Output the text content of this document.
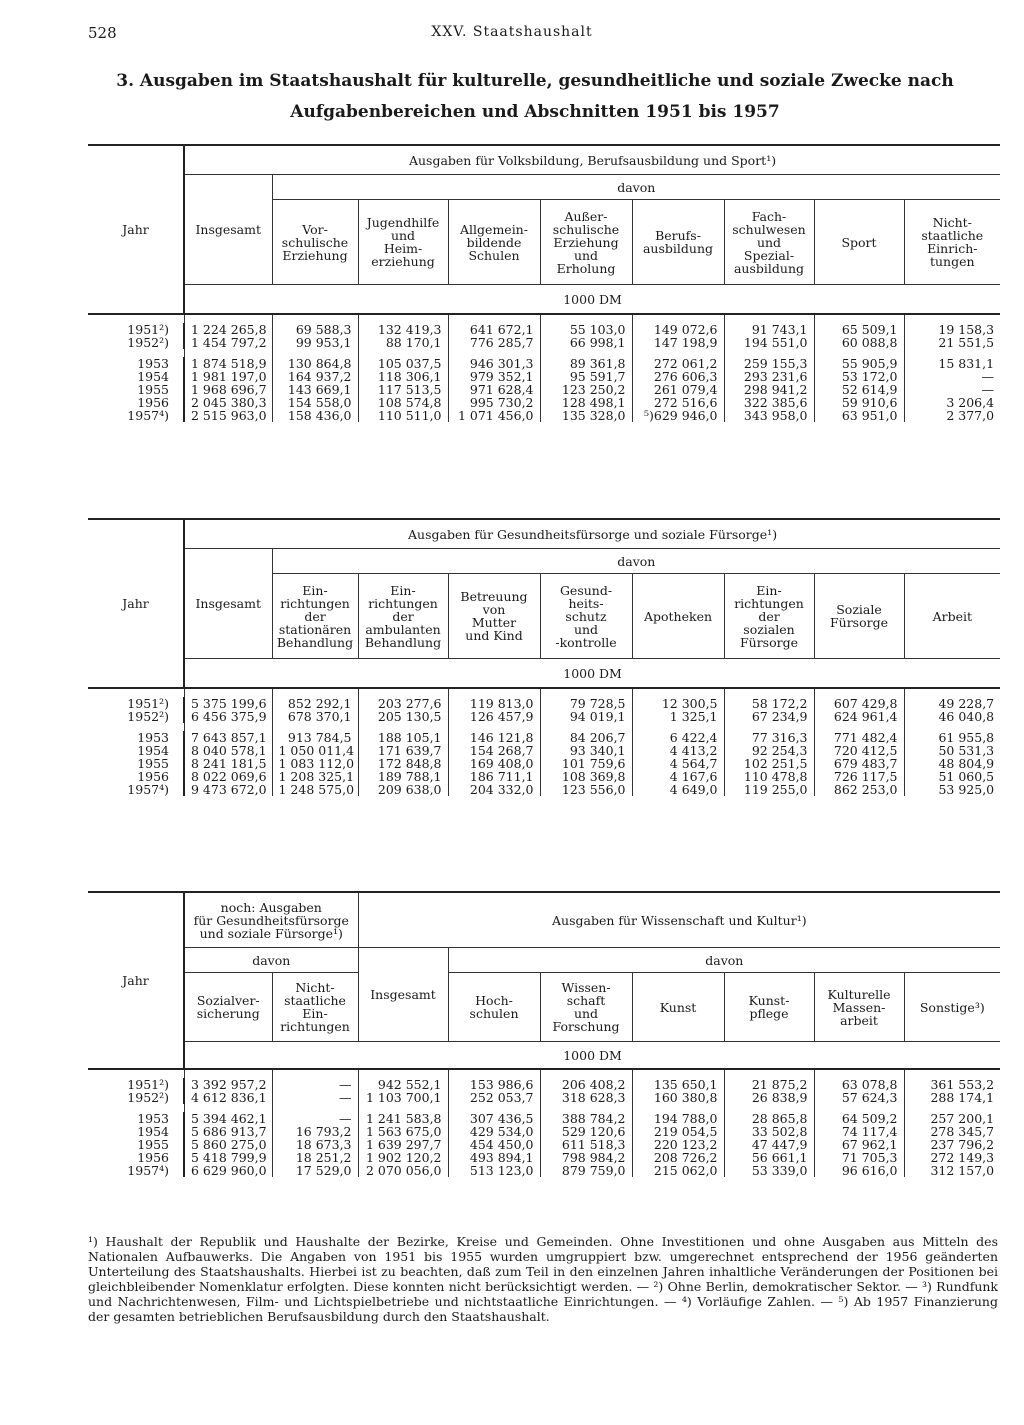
528	XXV. Staatshaushalt
3. Ausgaben im Staatshaushalt für kulturelle, gesundheitliche und soziale Zwecke nach
Aufgabenbereichen und Abschnitten 1951 bis 1957
Jahr	Ausgaben für Volksbildung, Berufsausbildung und Sport¹)								
	Insgesamt	davon							
		Vor-
schulische
Erziehung	Jugendhilfe
und
Heim-
erziehung	Allgemein-
bildende
Schulen	Außer-
schulische
Erziehung
und
Erholung	Berufs-
ausbildung	Fach-
schulwesen
und
Spezial-
ausbildung	Sport	Nicht-
staatliche
Einrich-
tungen
	1000 DM								

1951²)	1 224 265,8	69 588,3	132 419,3	641 672,1	55 103,0	149 072,6	91 743,1	65 509,1	19 158,3
1952²)	1 454 797,2	99 953,1	88 170,1	776 285,7	66 998,1	147 198,9	194 551,0	60 088,8	21 551,5

1953	1 874 518,9	130 864,8	105 037,5	946 301,3	89 361,8	272 061,2	259 155,3	55 905,9	15 831,1
1954	1 981 197,0	164 937,2	118 306,1	979 352,1	95 591,7	276 606,3	293 231,6	53 172,0	—
1955	1 968 696,7	143 669,1	117 513,5	971 628,4	123 250,2	261 079,4	298 941,2	52 614,9	—
1956	2 045 380,3	154 558,0	108 574,8	995 730,2	128 498,1	272 516,6	322 385,6	59 910,6	3 206,4
1957⁴)	2 515 963,0	158 436,0	110 511,0	1 071 456,0	135 328,0	⁵)629 946,0	343 958,0	63 951,0	2 377,0
Jahr	Ausgaben für Gesundheitsfürsorge und soziale Fürsorge¹)								
	Insgesamt	davon							
		Ein-
richtungen
der
stationären
Behandlung	Ein-
richtungen
der
ambulanten
Behandlung	Betreuung
von
Mutter
und Kind	Gesund-
heits-
schutz
und
-kontrolle	Apotheken	Ein-
richtungen
der
sozialen
Fürsorge	Soziale
Fürsorge	Arbeit
	1000 DM								

1951²)	5 375 199,6	852 292,1	203 277,6	119 813,0	79 728,5	12 300,5	58 172,2	607 429,8	49 228,7
1952²)	6 456 375,9	678 370,1	205 130,5	126 457,9	94 019,1	1 325,1	67 234,9	624 961,4	46 040,8

1953	7 643 857,1	913 784,5	188 105,1	146 121,8	84 206,7	6 422,4	77 316,3	771 482,4	61 955,8
1954	8 040 578,1	1 050 011,4	171 639,7	154 268,7	93 340,1	4 413,2	92 254,3	720 412,5	50 531,3
1955	8 241 181,5	1 083 112,0	172 848,8	169 408,0	101 759,6	4 564,7	102 251,5	679 483,7	48 804,9
1956	8 022 069,6	1 208 325,1	189 788,1	186 711,1	108 369,8	4 167,6	110 478,8	726 117,5	51 060,5
1957⁴)	9 473 672,0	1 248 575,0	209 638,0	204 332,0	123 556,0	4 649,0	119 255,0	862 253,0	53 925,0
Jahr	noch: Ausgaben
für Gesundheitsfürsorge
und soziale Fürsorge¹)		Ausgaben für Wissenschaft und Kultur¹)						
	davon		Insgesamt	davon					
	Sozialver-
sicherung	Nicht-
staatliche
Ein-
richtungen		Hoch-
schulen	Wissen-
schaft
und
Forschung	Kunst	Kunst-
pflege	Kulturelle
Massen-
arbeit	Sonstige³)
	1000 DM								

1951²)	3 392 957,2	—	942 552,1	153 986,6	206 408,2	135 650,1	21 875,2	63 078,8	361 553,2
1952²)	4 612 836,1	—	1 103 700,1	252 053,7	318 628,3	160 380,8	26 838,9	57 624,3	288 174,1

1953	5 394 462,1	—	1 241 583,8	307 436,5	388 784,2	194 788,0	28 865,8	64 509,2	257 200,1
1954	5 686 913,7	16 793,2	1 563 675,0	429 534,0	529 120,6	219 054,5	33 502,8	74 117,4	278 345,7
1955	5 860 275,0	18 673,3	1 639 297,7	454 450,0	611 518,3	220 123,2	47 447,9	67 962,1	237 796,2
1956	5 418 799,9	18 251,2	1 902 120,2	493 894,1	798 984,2	208 726,2	56 661,1	71 705,3	272 149,3
1957⁴)	6 629 960,0	17 529,0	2 070 056,0	513 123,0	879 759,0	215 062,0	53 339,0	96 616,0	312 157,0

¹) Haushalt der Republik und Haushalte der Bezirke, Kreise und Gemeinden. Ohne Investitionen und ohne Ausgaben aus Mitteln des Nationalen Aufbauwerks. Die Angaben von 1951 bis 1955 wurden umgruppiert bzw. umgerechnet entsprechend der 1956 geänderten Unterteilung des Staatshaushalts. Hierbei ist zu beachten, daß zum Teil in den einzelnen Jahren inhaltliche Veränderungen der Positionen bei gleichbleibender Nomenklatur erfolgten. Diese konnten nicht berücksichtigt werden. — ²) Ohne Berlin, demokratischer Sektor. — ³) Rundfunk und Nachrichtenwesen, Film- und Lichtspielbetriebe und nichtstaatliche Einrichtungen. — ⁴) Vorläufige Zahlen. — ⁵) Ab 1957 Finanzierung der gesamten betrieblichen Berufsausbildung durch den Staatshaushalt.
